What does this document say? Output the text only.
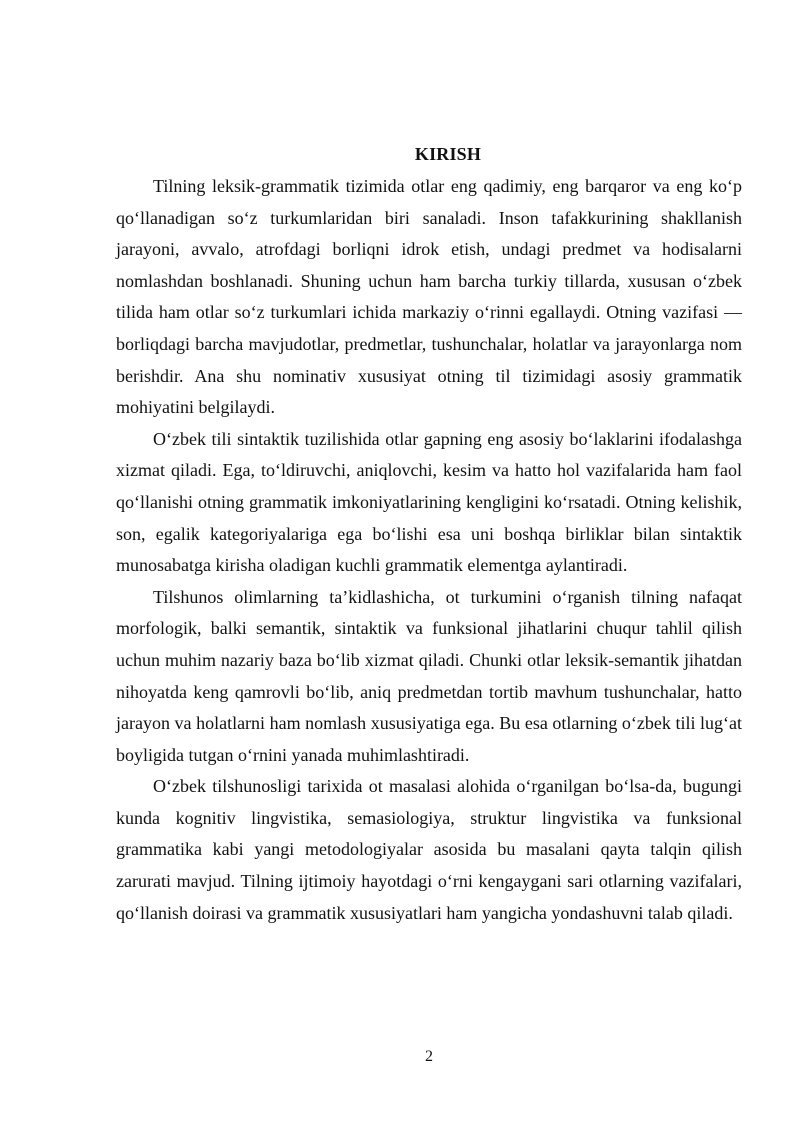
KIRISH

Tilning leksik-grammatik tizimida otlar eng qadimiy, eng barqaror va eng koʻp qoʻllanadigan soʻz turkumlaridan biri sanaladi. Inson tafakkurining shakllanish jarayoni, avvalo, atrofdagi borliqni idrok etish, undagi predmet va hodisalarni nomlashdan boshlanadi. Shuning uchun ham barcha turkiy tillarda, xususan oʻzbek tilida ham otlar soʻz turkumlari ichida markaziy oʻrinni egallaydi. Otning vazifasi — borliqdagi barcha mavjudotlar, predmetlar, tushunchalar, holatlar va jarayonlarga nom berishdir. Ana shu nominativ xususiyat otning til tizimidagi asosiy grammatik mohiyatini belgilaydi.

Oʻzbek tili sintaktik tuzilishida otlar gapning eng asosiy boʻlaklarini ifodalashga xizmat qiladi. Ega, toʻldiruvchi, aniqlovchi, kesim va hatto hol vazifalarida ham faol qoʻllanishi otning grammatik imkoniyatlarining kengligini koʻrsatadi. Otning kelishik, son, egalik kategoriyalariga ega boʻlishi esa uni boshqa birliklar bilan sintaktik munosabatga kirisha oladigan kuchli grammatik elementga aylantiradi.

Tilshunos olimlarning ta’kidlashicha, ot turkumini oʻrganish tilning nafaqat morfologik, balki semantik, sintaktik va funksional jihatlarini chuqur tahlil qilish uchun muhim nazariy baza boʻlib xizmat qiladi. Chunki otlar leksik-semantik jihatdan nihoyatda keng qamrovli boʻlib, aniq predmetdan tortib mavhum tushunchalar, hatto jarayon va holatlarni ham nomlash xususiyatiga ega. Bu esa otlarning oʻzbek tili lugʻat boyligida tutgan oʻrnini yanada muhimlashtiradi.

Oʻzbek tilshunosligi tarixida ot masalasi alohida oʻrganilgan boʻlsa-da, bugungi kunda kognitiv lingvistika, semasiologiya, struktur lingvistika va funksional grammatika kabi yangi metodologiyalar asosida bu masalani qayta talqin qilish zarurati mavjud. Tilning ijtimoiy hayotdagi oʻrni kengaygani sari otlarning vazifalari, qoʻllanish doirasi va grammatik xususiyatlari ham yangicha yondashuvni talab qiladi.

2
